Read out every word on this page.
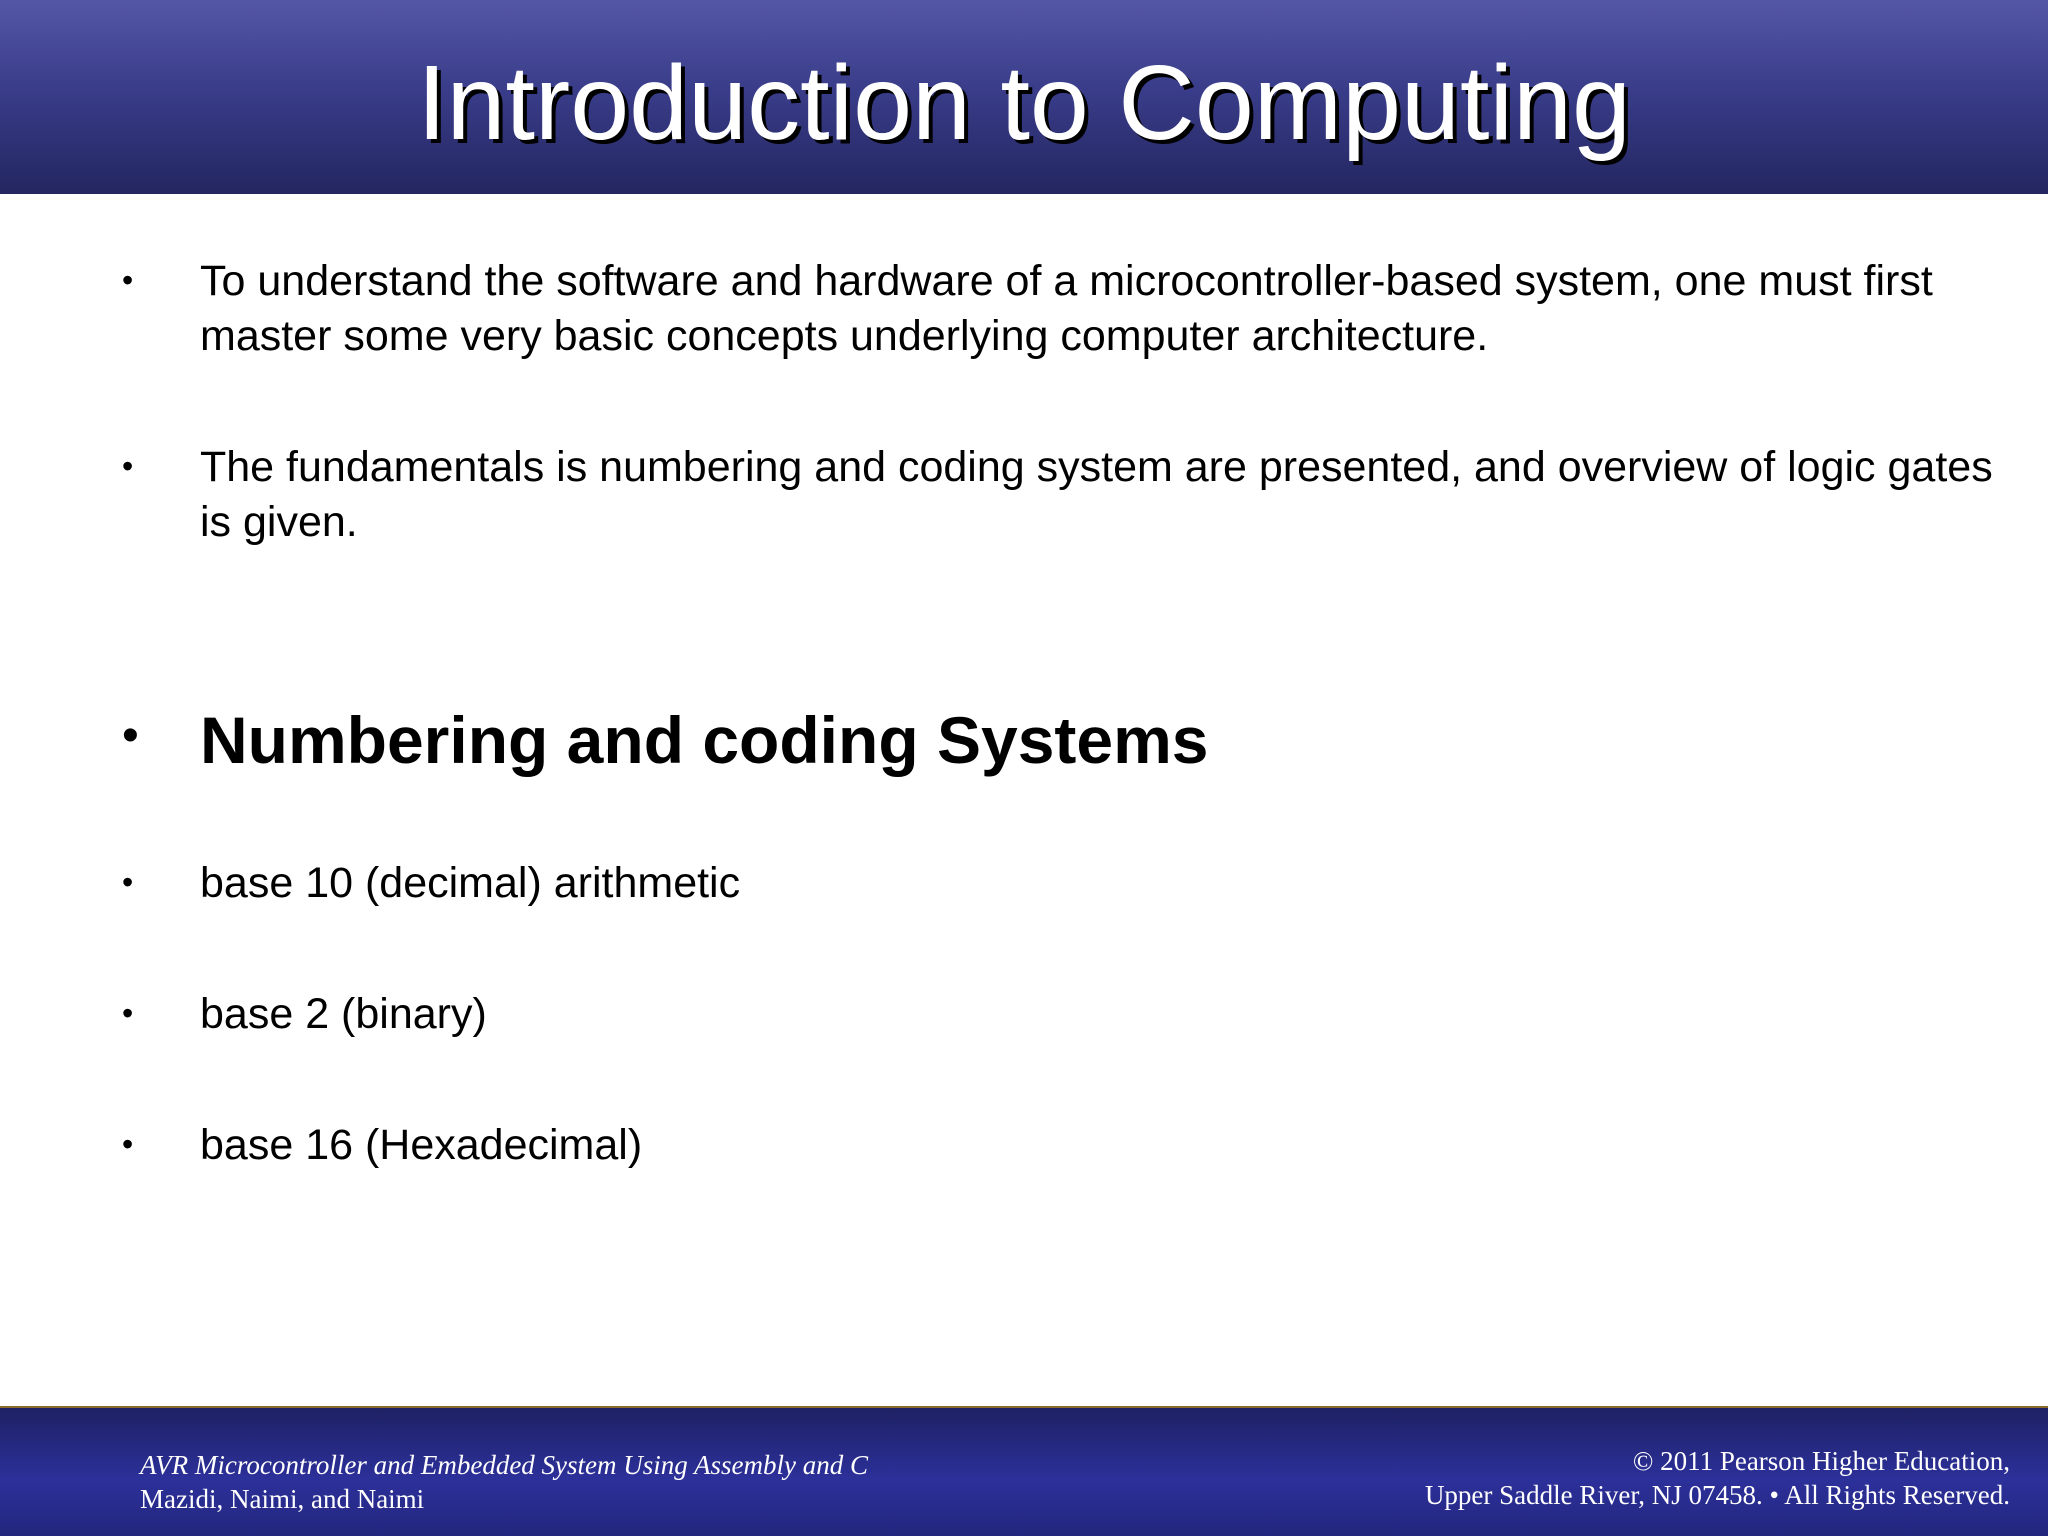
Introduction to Computing
• To understand the software and hardware of a microcontroller-based system, one must first master some very basic concepts underlying computer architecture.
• The fundamentals is numbering and coding system are presented, and overview of logic gates is given.
• Numbering and coding Systems
• base 10 (decimal) arithmetic
• base 2 (binary)
• base 16 (Hexadecimal)
AVR Microcontroller and Embedded System Using Assembly and C
Mazidi, Naimi, and Naimi
© 2011 Pearson Higher Education,
Upper Saddle River, NJ 07458. • All Rights Reserved.
